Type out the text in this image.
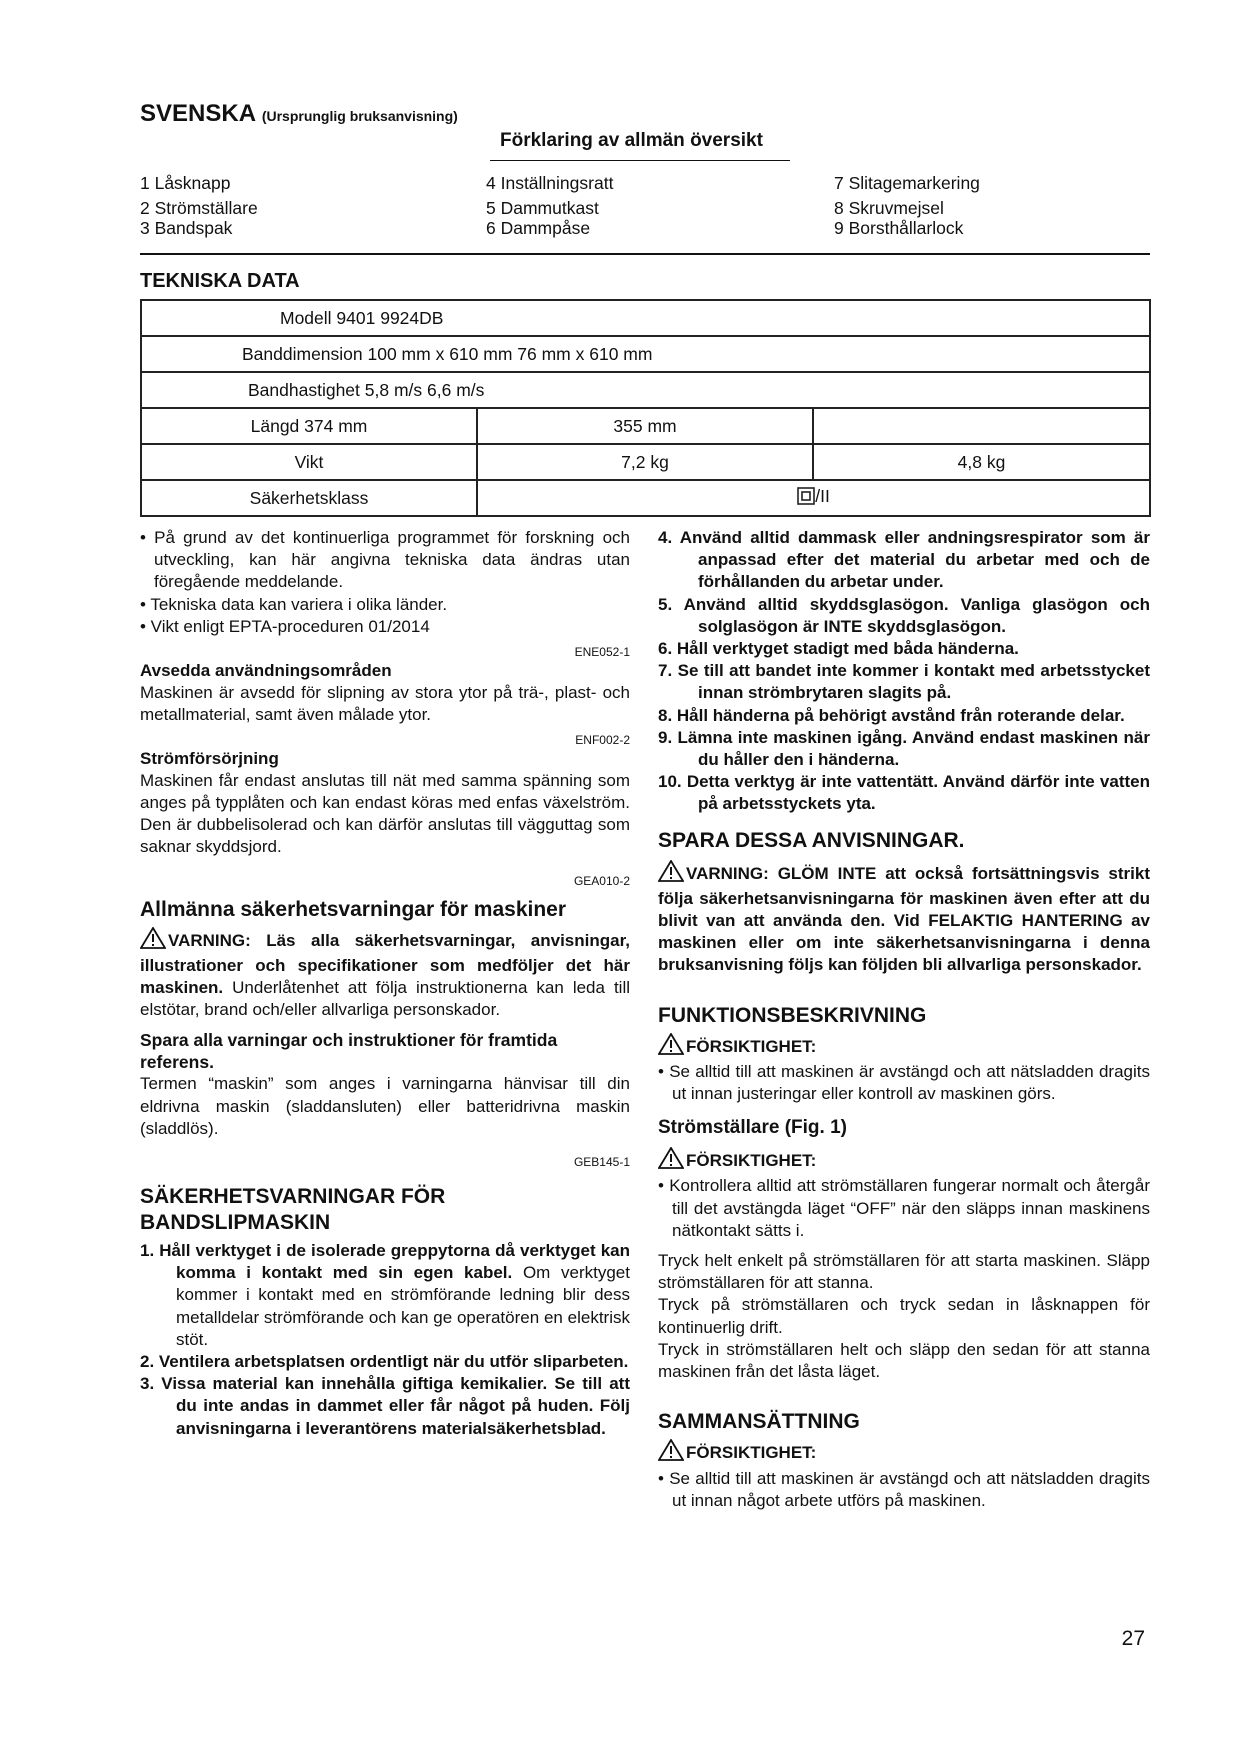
SVENSKA (Ursprunglig bruksanvisning)
Förklaring av allmän översikt
1 Låsknapp
2 Strömställare
3 Bandspak
4 Inställningsratt
5 Dammutkast
6 Dammpåse
7 Slitagemarkering
8 Skruvmejsel
9 Borsthållarlock
TEKNISKA DATA
Modell 9401 9924DB		
Banddimension 100 mm x 610 mm 76 mm x 610 mm		
Bandhastighet 5,8 m/s 6,6 m/s		
Längd 374 mm	355 mm	
Vikt	7,2 kg	4,8 kg
Säkerhetsklass	/II	

• På grund av det kontinuerliga programmet för forskning och utveckling, kan här angivna tekniska data ändras utan föregående meddelande.

• Tekniska data kan variera i olika länder.

• Vikt enligt EPTA-proceduren 01/2014

ENE052-1

Avsedda användningsområden

Maskinen är avsedd för slipning av stora ytor på trä-, plast- och metallmaterial, samt även målade ytor.

ENF002-2

Strömförsörjning

Maskinen får endast anslutas till nät med samma spänning som anges på typplåten och kan endast köras med enfas växelström. Den är dubbelisolerad och kan därför anslutas till vägguttag som saknar skyddsjord.

GEA010-2

Allmänna säkerhetsvarningar för maskiner

VARNING: Läs alla säkerhetsvarningar, anvisningar, illustrationer och specifikationer som medföljer det här maskinen. Underlåtenhet att följa instruktionerna kan leda till elstötar, brand och/eller allvarliga personskador.

Spara alla varningar och instruktioner för framtida referens.

Termen “maskin” som anges i varningarna hänvisar till din eldrivna maskin (sladdansluten) eller batteridrivna maskin (sladdlös).

GEB145-1

SÄKERHETSVARNINGAR FÖR

BANDSLIPMASKIN

1. Håll verktyget i de isolerade greppytorna då verktyget kan komma i kontakt med sin egen kabel. Om verktyget kommer i kontakt med en strömförande ledning blir dess metalldelar strömförande och kan ge operatören en elektrisk stöt.

2. Ventilera arbetsplatsen ordentligt när du utför sliparbeten.

3. Vissa material kan innehålla giftiga kemikalier. Se till att du inte andas in dammet eller får något på huden. Följ anvisningarna i leverantörens materialsäkerhetsblad.

4. Använd alltid dammask eller andningsrespirator som är anpassad efter det material du arbetar med och de förhållanden du arbetar under.

5. Använd alltid skyddsglasögon. Vanliga glasögon och solglasögon är INTE skyddsglasögon.

6. Håll verktyget stadigt med båda händerna.

7. Se till att bandet inte kommer i kontakt med arbetsstycket innan strömbrytaren slagits på.

8. Håll händerna på behörigt avstånd från roterande delar.

9. Lämna inte maskinen igång. Använd endast maskinen när du håller den i händerna.

10. Detta verktyg är inte vattentätt. Använd därför inte vatten på arbetsstyckets yta.

SPARA DESSA ANVISNINGAR.

VARNING: GLÖM INTE att också fortsättningsvis strikt följa säkerhetsanvisningarna för maskinen även efter att du blivit van att använda den. Vid FELAKTIG HANTERING av maskinen eller om inte säkerhetsanvisningarna i denna bruksanvisning följs kan följden bli allvarliga personskador.

FUNKTIONSBESKRIVNING

FÖRSIKTIGHET:

• Se alltid till att maskinen är avstängd och att nätsladden dragits ut innan justeringar eller kontroll av maskinen görs.

Strömställare (Fig. 1)

FÖRSIKTIGHET:

• Kontrollera alltid att strömställaren fungerar normalt och återgår till det avstängda läget “OFF” när den släpps innan maskinens nätkontakt sätts i.

Tryck helt enkelt på strömställaren för att starta maskinen. Släpp strömställaren för att stanna.

Tryck på strömställaren och tryck sedan in låsknappen för kontinuerlig drift.

Tryck in strömställaren helt och släpp den sedan för att stanna maskinen från det låsta läget.

SAMMANSÄTTNING

FÖRSIKTIGHET:

• Se alltid till att maskinen är avstängd och att nätsladden dragits ut innan något arbete utförs på maskinen.

27
